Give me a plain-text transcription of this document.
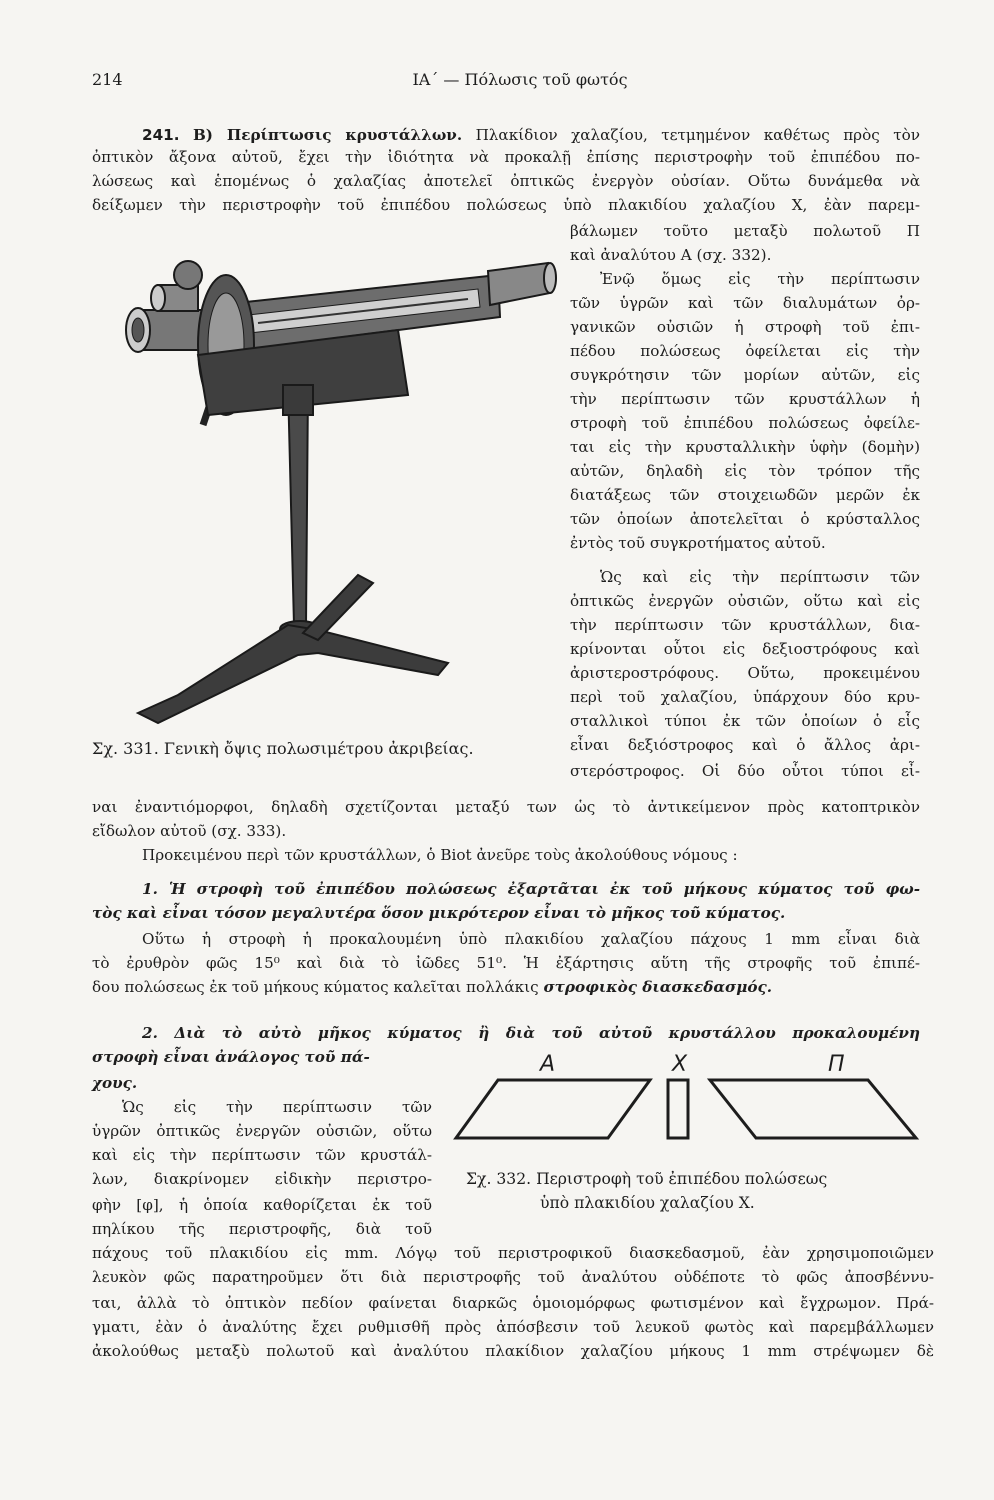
214	ΙΑ΄ — Πόλωσις τοῦ φωτός
241. Β) Περίπτωσις κρυστάλλων. Πλακίδιον χαλαζίου, τετμημένον καθέτως πρὸς τὸν
ὀπτικὸν ἄξονα αὐτοῦ, ἔχει τὴν ἰδιότητα νὰ προκαλῇ ἐπίσης περιστροφὴν τοῦ ἐπιπέδου πο-
λώσεως καὶ ἑπομένως ὁ χαλαζίας ἀποτελεῖ ὀπτικῶς ἐνεργὸν οὐσίαν. Οὕτω δυνάμεθα νὰ
δείξωμεν τὴν περιστροφὴν τοῦ ἐπιπέδου πολώσεως ὑπὸ πλακιδίου χαλαζίου Χ, ἐὰν παρεμ-
βάλωμεν τοῦτο μεταξὺ πολωτοῦ Π
καὶ ἀναλύτου Α (σχ. 332).
Ἐνῷ ὅμως εἰς τὴν περίπτωσιν
τῶν ὑγρῶν καὶ τῶν διαλυμάτων ὀρ-
γανικῶν οὐσιῶν ἡ στροφὴ τοῦ ἐπι-
πέδου πολώσεως ὀφείλεται εἰς τὴν
συγκρότησιν τῶν μορίων αὐτῶν, εἰς
τὴν περίπτωσιν τῶν κρυστάλλων ἡ
στροφὴ τοῦ ἐπιπέδου πολώσεως ὀφείλε-
ται εἰς τὴν κρυσταλλικὴν ὑφὴν (δομὴν)
αὐτῶν, δηλαδὴ εἰς τὸν τρόπον τῆς
διατάξεως τῶν στοιχειωδῶν μερῶν ἐκ
τῶν ὁποίων ἀποτελεῖται ὁ κρύσταλλος
ἐντὸς τοῦ συγκροτήματος αὐτοῦ.
Ὡς καὶ εἰς τὴν περίπτωσιν τῶν
ὀπτικῶς ἐνεργῶν οὐσιῶν, οὕτω καὶ εἰς
τὴν περίπτωσιν τῶν κρυστάλλων, δια-
κρίνονται οὗτοι εἰς δεξιοστρόφους καὶ
ἀριστεροστρόφους. Οὕτω, προκειμένου
περὶ τοῦ χαλαζίου, ὑπάρχουν δύο κρυ-
σταλλικοὶ τύποι ἐκ τῶν ὁποίων ὁ εἷς
εἶναι δεξιόστροφος καὶ ὁ ἄλλος ἀρι-
στερόστροφος. Οἱ δύο οὗτοι τύποι εἶ-
Σχ. 331. Γενικὴ ὄψις πολωσιμέτρου ἀκριβείας.
ναι ἐναντιόμορφοι, δηλαδὴ σχετίζονται μεταξύ των ὡς τὸ ἀντικείμενον πρὸς κατοπτρικὸν
εἴδωλον αὐτοῦ (σχ. 333).
Προκειμένου περὶ τῶν κρυστάλλων, ὁ Biot ἀνεῦρε τοὺς ἀκολούθους νόμους :
1. Ἡ στροφὴ τοῦ ἐπιπέδου πολώσεως ἐξαρτᾶται ἐκ τοῦ μήκους κύματος τοῦ φω-
τὸς καὶ εἶναι τόσον μεγαλυτέρα ὅσον μικρότερον εἶναι τὸ μῆκος τοῦ κύματος.
Οὕτω ἡ στροφὴ ἡ προκαλουμένη ὑπὸ πλακιδίου χαλαζίου πάχους 1 mm εἶναι διὰ
τὸ ἐρυθρὸν φῶς 15⁰ καὶ διὰ τὸ ἰῶδες 51⁰. Ἡ ἐξάρτησις αὕτη τῆς στροφῆς τοῦ ἐπιπέ-
δου πολώσεως ἐκ τοῦ μήκους κύματος καλεῖται πολλάκις στροφικὸς διασκεδασμός.
2. Διὰ τὸ αὐτὸ μῆκος κύματος ἢ διὰ τοῦ αὐτοῦ κρυστάλλου προκαλουμένη
στροφὴ εἶναι ἀνάλογος τοῦ πά-
χους.
Ὡς εἰς τὴν περίπτωσιν τῶν
ὑγρῶν ὀπτικῶς ἐνεργῶν οὐσιῶν, οὕτω
καὶ εἰς τὴν περίπτωσιν τῶν κρυστάλ-
λων, διακρίνομεν εἰδικὴν περιστρο-
φὴν [φ], ἡ ὁποία καθορίζεται ἐκ τοῦ
πηλίκου τῆς περιστροφῆς, διὰ τοῦ
Α	Χ	Π
Σχ. 332. Περιστροφὴ τοῦ ἐπιπέδου πολώσεως
ὑπὸ πλακιδίου χαλαζίου Χ.
πάχους τοῦ πλακιδίου εἰς mm. Λόγῳ τοῦ περιστροφικοῦ διασκεδασμοῦ, ἐὰν χρησιμοποιῶμεν
λευκὸν φῶς παρατηροῦμεν ὅτι διὰ περιστροφῆς τοῦ ἀναλύτου οὐδέποτε τὸ φῶς ἀποσβέννυ-
ται, ἀλλὰ τὸ ὀπτικὸν πεδίον φαίνεται διαρκῶς ὁμοιομόρφως φωτισμένον καὶ ἔγχρωμον. Πρά-
γματι, ἐὰν ὁ ἀναλύτης ἔχει ρυθμισθῆ πρὸς ἀπόσβεσιν τοῦ λευκοῦ φωτὸς καὶ παρεμβάλλωμεν
ἀκολούθως μεταξὺ πολωτοῦ καὶ ἀναλύτου πλακίδιον χαλαζίου μήκους 1 mm στρέψωμεν δὲ
